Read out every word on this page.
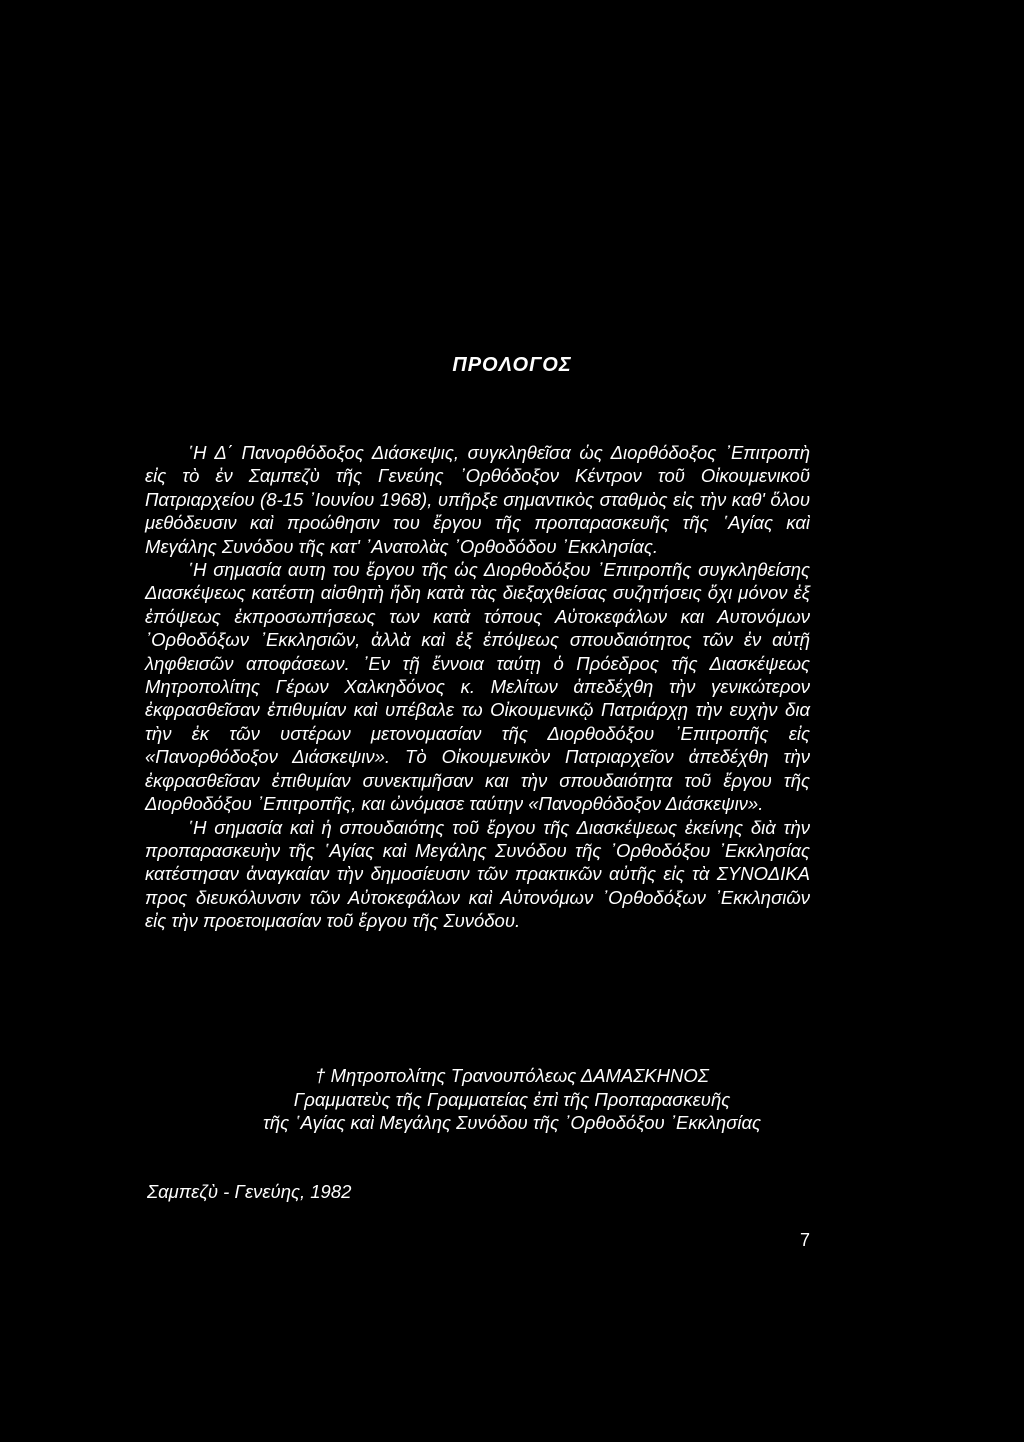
ΠΡΟΛΟΓΟΣ

῾Η Δ΄ Πανορθόδοξος Διάσκεψις, συγκληθεῖσα ὡς Διορθόδοξος ᾿Επιτροπὴ εἰς τὸ ἐν Σαμπεζὺ τῆς Γενεύης ᾿Ορθόδοξον Κέντρον τοῦ Οἰκουμενικοῦ Πατριαρχείου (8-15 ᾿Ιουνίου 1968), υπῆρξε σημαντικὸς σταθμὸς εἰς τὴν καθ' ὅλου μεθόδευσιν καὶ προώθησιν του ἔργου τῆς προπαρασκευῆς τῆς ῾Αγίας καὶ Μεγάλης Συνόδου τῆς κατ' ᾿Ανατολὰς ᾿Ορθοδόδου ᾿Εκκλησίας.

῾Η σημασία αυτη του ἔργου τῆς ὡς Διορθοδόξου ᾿Επιτροπῆς συγκληθείσης Διασκέψεως κατέστη αἰσθητὴ ἤδη κατὰ τὰς διεξαχθείσας συζητήσεις ὄχι μόνον ἐξ ἐπόψεως ἐκπροσωπήσεως των κατὰ τόπους Αὐτοκεφάλων και Αυτονόμων ᾿Ορθοδόξων ᾿Εκκλησιῶν, ἀλλὰ καὶ ἐξ ἐπόψεως σπουδαιότητος τῶν ἐν αὐτῇ ληφθεισῶν αποφάσεων. ᾿Εν τῇ ἔννοια ταύτῃ ὁ Πρόεδρος τῆς Διασκέψεως Μητροπολίτης Γέρων Χαλκηδόνος κ. Μελίτων ἀπεδέχθη τὴν γενικώτερον ἐκφρασθεῖσαν ἐπιθυμίαν καὶ υπέβαλε τω Οἰκουμενικῷ Πατριάρχῃ τὴν ευχὴν δια τὴν ἐκ τῶν υστέρων μετονομασίαν τῆς Διορθοδόξου ᾿Επιτροπῆς εἰς «Πανορθόδοξον Διάσκεψιν». Τὸ Οἰκουμενικὸν Πατριαρχεῖον ἀπεδέχθη τὴν ἐκφρασθεῖσαν ἐπιθυμίαν συνεκτιμῆσαν και τὴν σπουδαιότητα τοῦ ἔργου τῆς Διορθοδόξου ᾿Επιτροπῆς, και ὠνόμασε ταύτην «Πανορθόδοξον Διάσκεψιν».

῾Η σημασία καὶ ἡ σπουδαιότης τοῦ ἔργου τῆς Διασκέψεως ἐκείνης διὰ τὴν προπαρασκευὴν τῆς ῾Αγίας καὶ Μεγάλης Συνόδου τῆς ᾿Ορθοδόξου ᾿Εκκλησίας κατέστησαν ἀναγκαίαν τὴν δημοσίευσιν τῶν πρακτικῶν αὐτῆς εἰς τὰ ΣΥΝΟΔΙΚΑ προς διευκόλυνσιν τῶν Αὐτοκεφάλων καὶ Αὐτονόμων ᾿Ορθοδόξων ᾿Εκκλησιῶν εἰς τὴν προετοιμασίαν τοῦ ἔργου τῆς Συνόδου.

† Μητροπολίτης Τρανουπόλεως ΔΑΜΑΣΚΗΝΟΣ
Γραμματεὺς τῆς Γραμματείας ἐπὶ τῆς Προπαρασκευῆς
τῆς ῾Αγίας καὶ Μεγάλης Συνόδου τῆς ᾿Ορθοδόξου ᾿Εκκλησίας
Σαμπεζὺ - Γενεύης, 1982
7
